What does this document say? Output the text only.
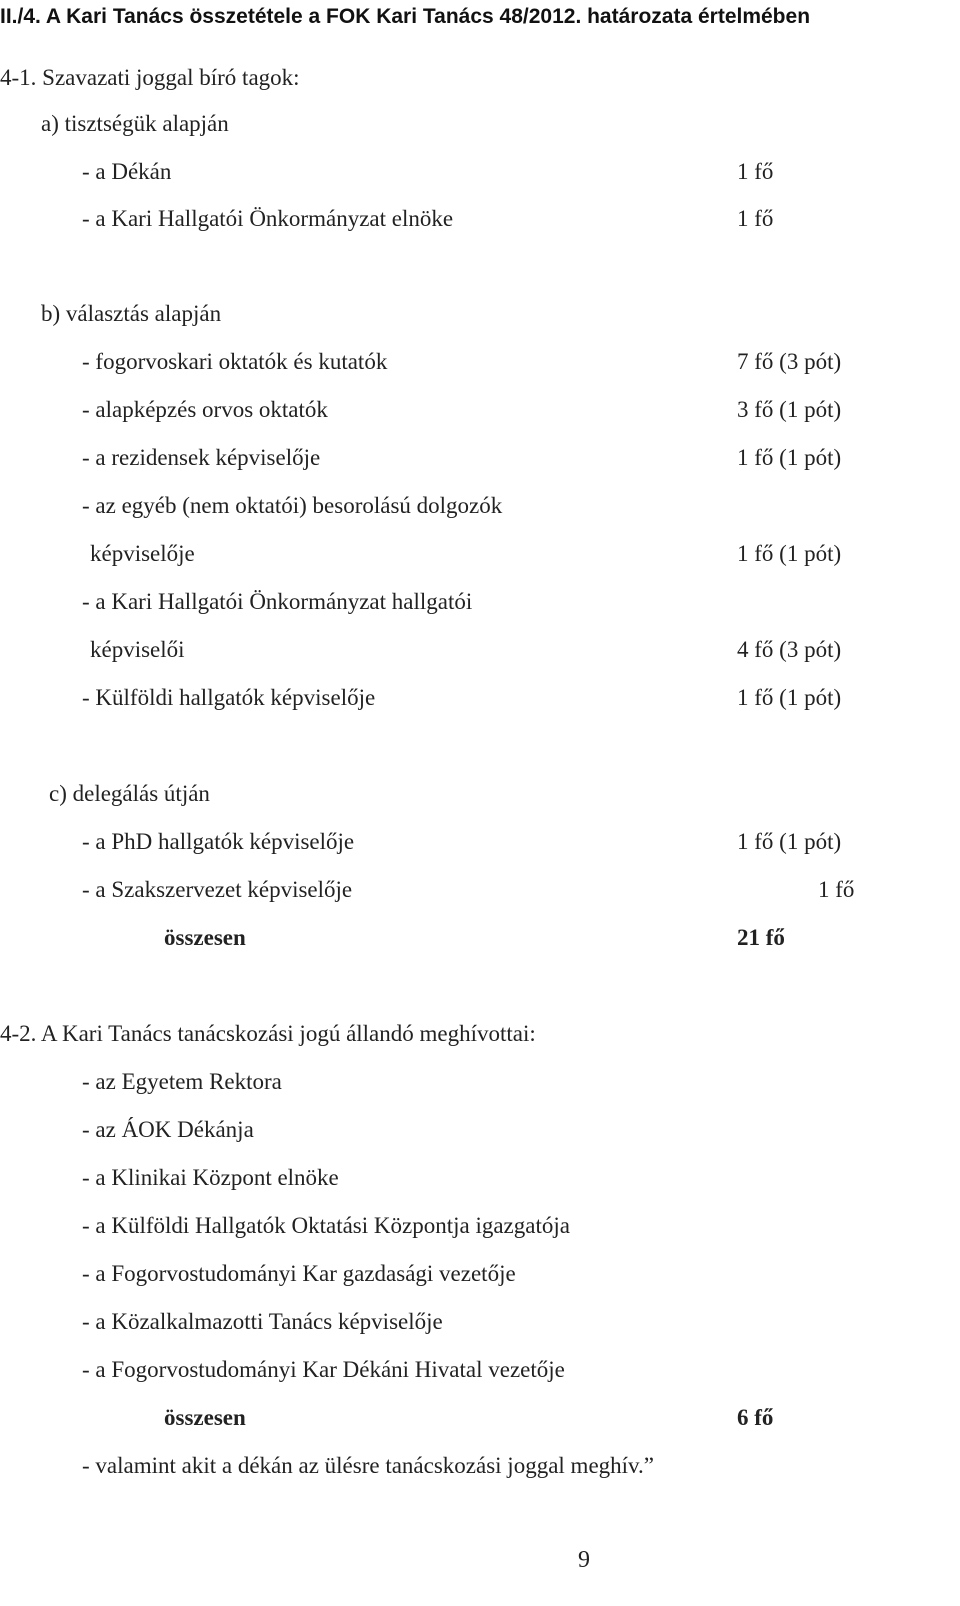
II./4. A Kari Tanács összetétele a FOK Kari Tanács 48/2012. határozata értelmében
4-1. Szavazati joggal bíró tagok:
a) tisztségük alapján
- a Dékán	1 fő
- a Kari Hallgatói Önkormányzat elnöke	1 fő
b) választás alapján
- fogorvoskari oktatók és kutatók	7 fő (3 pót)
- alapképzés orvos oktatók	3 fő (1 pót)
- a rezidensek képviselője	1 fő (1 pót)
- az egyéb (nem oktatói) besorolású dolgozók
képviselője	1 fő (1 pót)
- a Kari Hallgatói Önkormányzat hallgatói
képviselői	4 fő (3 pót)
- Külföldi hallgatók képviselője	1 fő (1 pót)
c) delegálás útján
- a PhD hallgatók képviselője	1 fő (1 pót)
- a Szakszervezet képviselője	1 fő
összesen	21 fő
4-2. A Kari Tanács tanácskozási jogú állandó meghívottai:
- az Egyetem Rektora
- az ÁOK Dékánja
- a Klinikai Központ elnöke
- a Külföldi Hallgatók Oktatási Központja igazgatója
- a Fogorvostudományi Kar gazdasági vezetője
- a Közalkalmazotti Tanács képviselője
- a Fogorvostudományi Kar Dékáni Hivatal vezetője
összesen	6 fő
- valamint akit a dékán az ülésre tanácskozási joggal meghív.”
9
